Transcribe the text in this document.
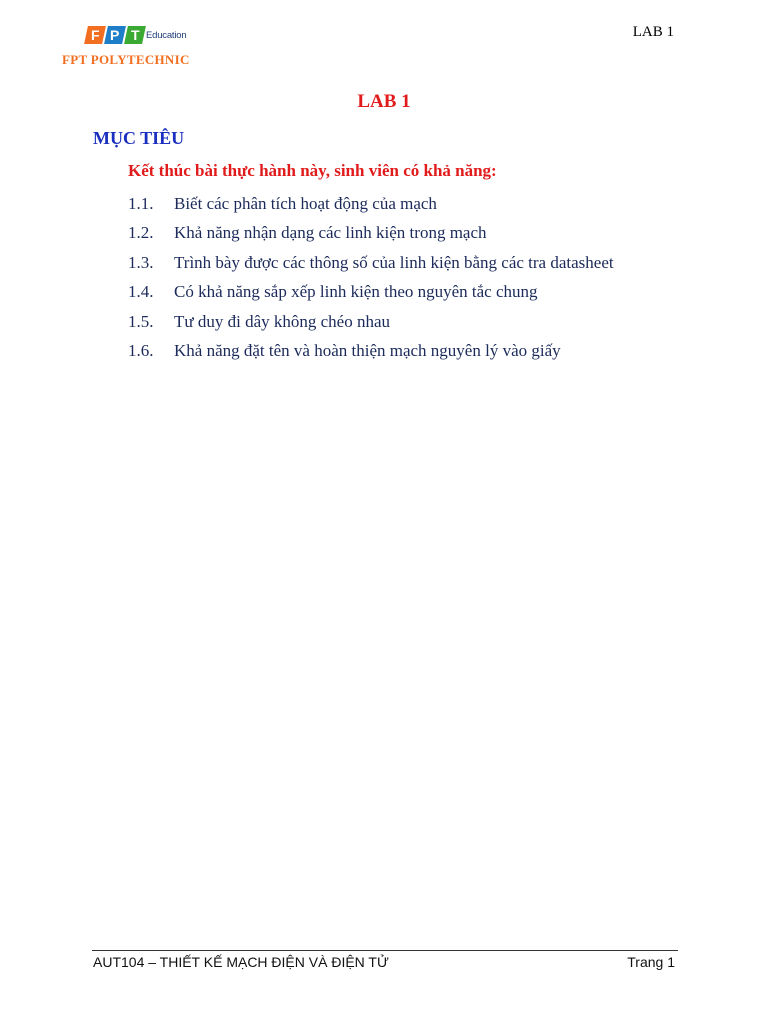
F P T Education
FPT POLYTECHNIC
LAB 1
LAB 1
MỤC TIÊU
Kết thúc bài thực hành này, sinh viên có khả năng:
1.1.	Biết các phân tích hoạt động của mạch
1.2.	Khả năng nhận dạng các linh kiện trong mạch
1.3.	Trình bày được các thông số của linh kiện bằng các tra datasheet
1.4.	Có khả năng sắp xếp linh kiện theo nguyên tắc chung
1.5.	Tư duy đi dây không chéo nhau
1.6.	Khả năng đặt tên và hoàn thiện mạch nguyên lý vào giấy
AUT104 – THIẾT KẾ MẠCH ĐIỆN VÀ ĐIỆN TỬ	Trang 1
